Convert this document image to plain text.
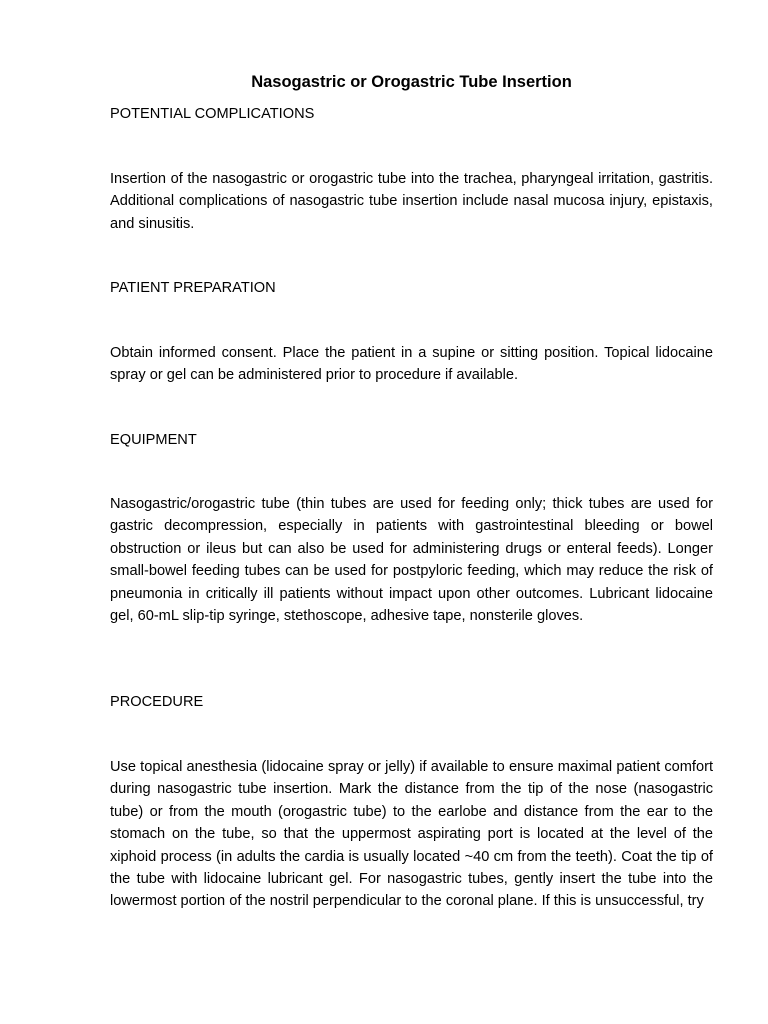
Nasogastric or Orogastric Tube Insertion
POTENTIAL COMPLICATIONS

Insertion of the nasogastric or orogastric tube into the trachea, pharyngeal irritation, gastritis. Additional complications of nasogastric tube insertion include nasal mucosa injury, epistaxis, and sinusitis.

PATIENT PREPARATION

Obtain informed consent. Place the patient in a supine or sitting position. Topical lidocaine spray or gel can be administered prior to procedure if available.

EQUIPMENT

Nasogastric/orogastric tube (thin tubes are used for feeding only; thick tubes are used for gastric decompression, especially in patients with gastrointestinal bleeding or bowel obstruction or ileus but can also be used for administering drugs or enteral feeds). Longer small-bowel feeding tubes can be used for postpyloric feeding, which may reduce the risk of pneumonia in critically ill patients without impact upon other outcomes. Lubricant lidocaine gel, 60-mL slip-tip syringe, stethoscope, adhesive tape, nonsterile gloves.

PROCEDURE

Use topical anesthesia (lidocaine spray or jelly) if available to ensure maximal patient comfort during nasogastric tube insertion. Mark the distance from the tip of the nose (nasogastric tube) or from the mouth (orogastric tube) to the earlobe and distance from the ear to the stomach on the tube, so that the uppermost aspirating port is located at the level of the xiphoid process (in adults the cardia is usually located ~40 cm from the teeth). Coat the tip of the tube with lidocaine lubricant gel. For nasogastric tubes, gently insert the tube into the lowermost portion of the nostril perpendicular to the coronal plane. If this is unsuccessful, try
